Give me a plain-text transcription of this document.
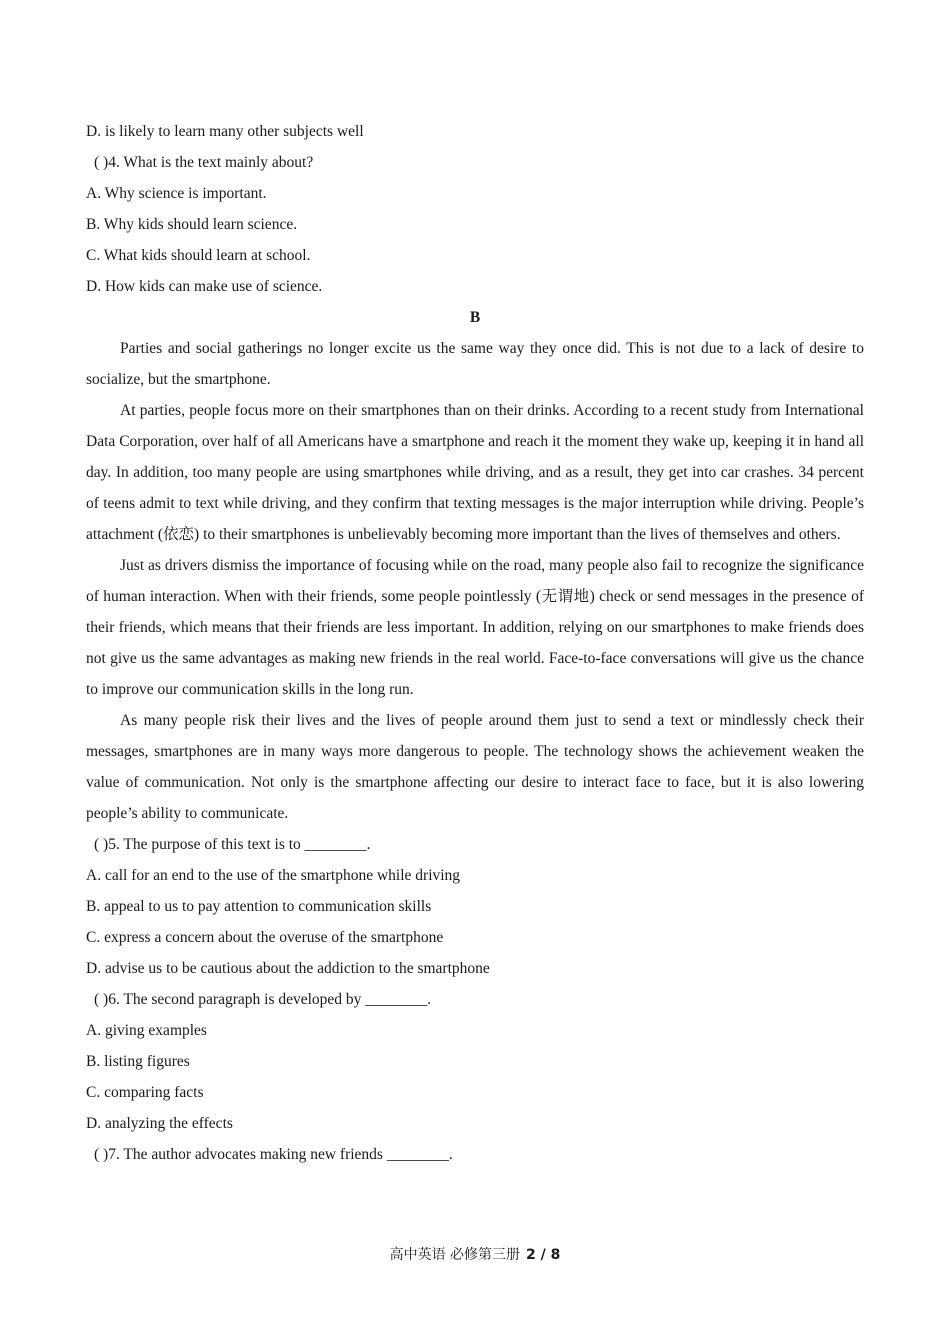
D. is likely to learn many other subjects well
( )4. What is the text mainly about?
A. Why science is important.
B. Why kids should learn science.
C. What kids should learn at school.
D. How kids can make use of science.
B

Parties and social gatherings no longer excite us the same way they once did. This is not due to a lack of desire to socialize, but the smartphone.

At parties, people focus more on their smartphones than on their drinks. According to a recent study from International Data Corporation, over half of all Americans have a smartphone and reach it the moment they wake up, keeping it in hand all day. In addition, too many people are using smartphones while driving, and as a result, they get into car crashes. 34 percent of teens admit to text while driving, and they confirm that texting messages is the major interruption while driving. People’s attachment (依恋) to their smartphones is unbelievably becoming more important than the lives of themselves and others.

Just as drivers dismiss the importance of focusing while on the road, many people also fail to recognize the significance of human interaction. When with their friends, some people pointlessly (无谓地) check or send messages in the presence of their friends, which means that their friends are less important. In addition, relying on our smartphones to make friends does not give us the same advantages as making new friends in the real world. Face-to-face conversations will give us the chance to improve our communication skills in the long run.

As many people risk their lives and the lives of people around them just to send a text or mindlessly check their messages, smartphones are in many ways more dangerous to people. The technology shows the achievement weaken the value of communication. Not only is the smartphone affecting our desire to interact face to face, but it is also lowering people’s ability to communicate.

( )5. The purpose of this text is to ________.
A. call for an end to the use of the smartphone while driving
B. appeal to us to pay attention to communication skills
C. express a concern about the overuse of the smartphone
D. advise us to be cautious about the addiction to the smartphone
( )6. The second paragraph is developed by ________.
A. giving examples
B. listing figures
C. comparing facts
D. analyzing the effects
( )7. The author advocates making new friends ________.
高中英语 必修第三册 2 / 8
